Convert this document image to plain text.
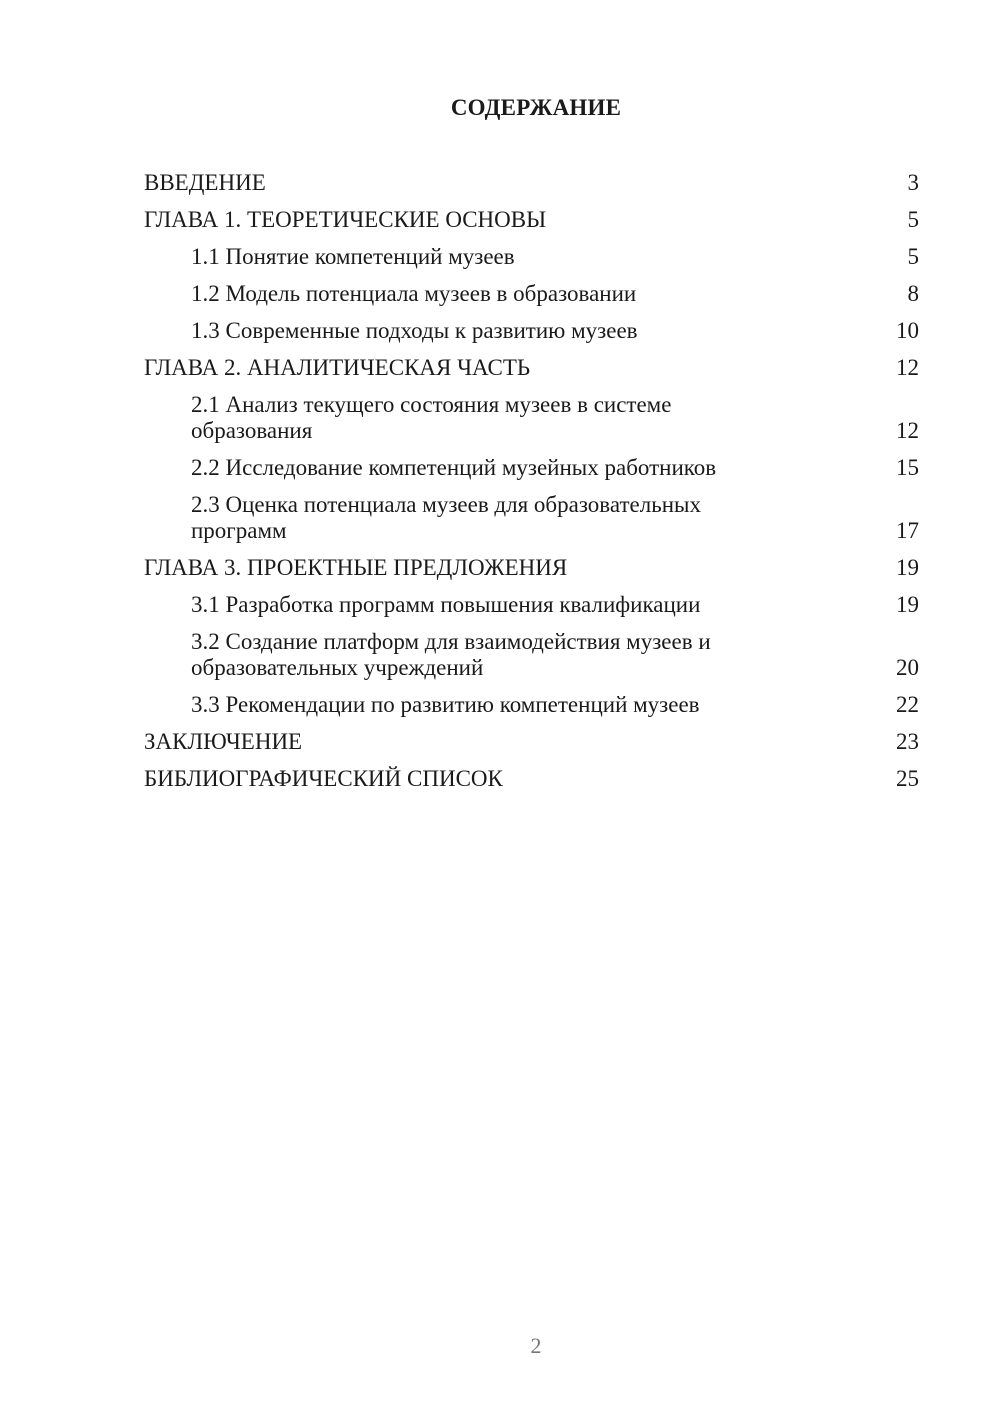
СОДЕРЖАНИЕ
ВВЕДЕНИЕ	3
ГЛАВА 1. ТЕОРЕТИЧЕСКИЕ ОСНОВЫ	5
1.1 Понятие компетенций музеев	5
1.2 Модель потенциала музеев в образовании	8
1.3 Современные подходы к развитию музеев	10
ГЛАВА 2. АНАЛИТИЧЕСКАЯ ЧАСТЬ	12
2.1 Анализ текущего состояния музеев в системе образования	12
2.2 Исследование компетенций музейных работников	15
2.3 Оценка потенциала музеев для образовательных программ	17
ГЛАВА 3. ПРОЕКТНЫЕ ПРЕДЛОЖЕНИЯ	19
3.1 Разработка программ повышения квалификации	19
3.2 Создание платформ для взаимодействия музеев и образовательных учреждений	20
3.3 Рекомендации по развитию компетенций музеев	22
ЗАКЛЮЧЕНИЕ	23
БИБЛИОГРАФИЧЕСКИЙ СПИСОК	25
2
